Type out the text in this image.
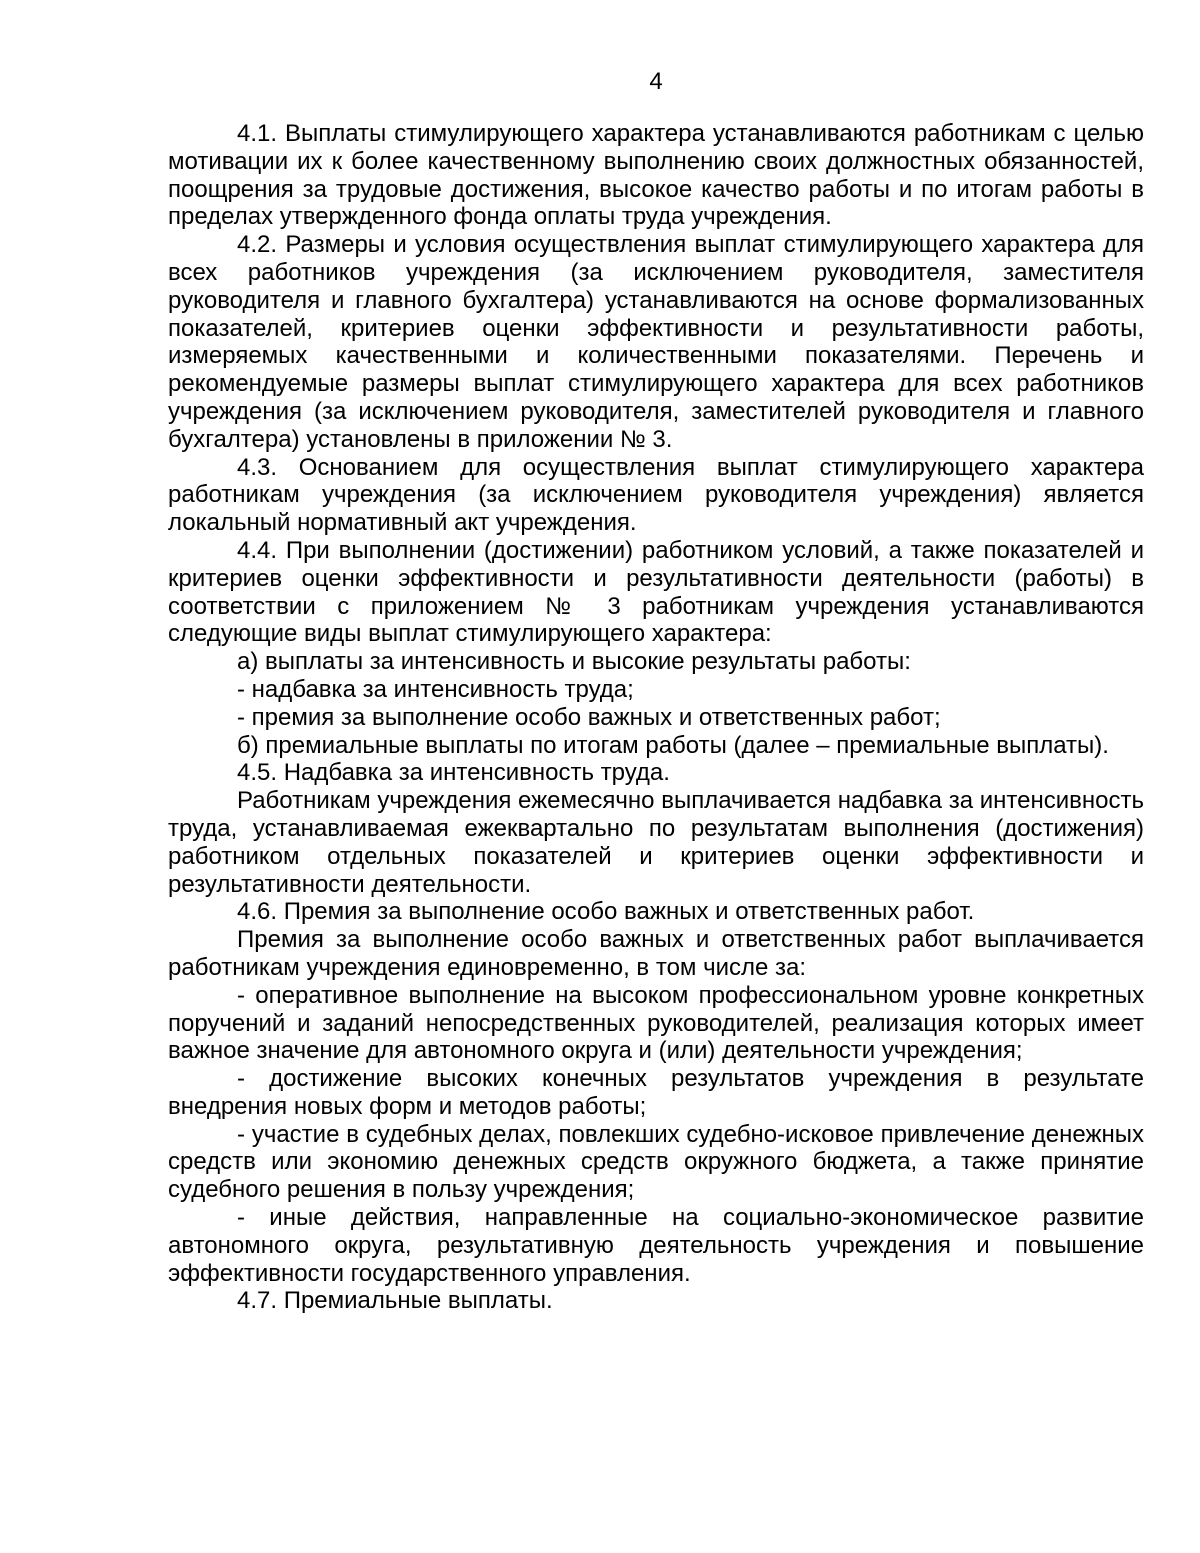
4

4.1. Выплаты стимулирующего характера устанавливаются работникам с целью мотивации их к более качественному выполнению своих должностных обязанностей, поощрения за трудовые достижения, высокое качество работы и по итогам работы в пределах утвержденного фонда оплаты труда учреждения.

4.2. Размеры и условия осуществления выплат стимулирующего характера для всех работников учреждения (за исключением руководителя, заместителя руководителя и главного бухгалтера) устанавливаются на основе формализованных показателей, критериев оценки эффективности и результативности работы, измеряемых качественными и количественными показателями. Перечень и рекомендуемые размеры выплат стимулирующего характера для всех работников учреждения (за исключением руководителя, заместителей руководителя и главного бухгалтера) установлены в приложении № 3.

4.3. Основанием для осуществления выплат стимулирующего характера работникам учреждения (за исключением руководителя учреждения) является локальный нормативный акт учреждения.

4.4. При выполнении (достижении) работником условий, а также показателей и критериев оценки эффективности и результативности деятельности (работы) в соответствии с приложением № 3 работникам учреждения устанавливаются следующие виды выплат стимулирующего характера:

а) выплаты за интенсивность и высокие результаты работы:

- надбавка за интенсивность труда;

- премия за выполнение особо важных и ответственных работ;

б) премиальные выплаты по итогам работы (далее – премиальные выплаты).

4.5. Надбавка за интенсивность труда.

Работникам учреждения ежемесячно выплачивается надбавка за интенсивность труда, устанавливаемая ежеквартально по результатам выполнения (достижения) работником отдельных показателей и критериев оценки эффективности и результативности деятельности.

4.6. Премия за выполнение особо важных и ответственных работ.

Премия за выполнение особо важных и ответственных работ выплачивается работникам учреждения единовременно, в том числе за:

- оперативное выполнение на высоком профессиональном уровне конкретных поручений и заданий непосредственных руководителей, реализация которых имеет важное значение для автономного округа и (или) деятельности учреждения;

- достижение высоких конечных результатов учреждения в результате внедрения новых форм и методов работы;

- участие в судебных делах, повлекших судебно-исковое привлечение денежных средств или экономию денежных средств окружного бюджета, а также принятие судебного решения в пользу учреждения;

- иные действия, направленные на социально-экономическое развитие автономного округа, результативную деятельность учреждения и повышение эффективности государственного управления.

4.7. Премиальные выплаты.
